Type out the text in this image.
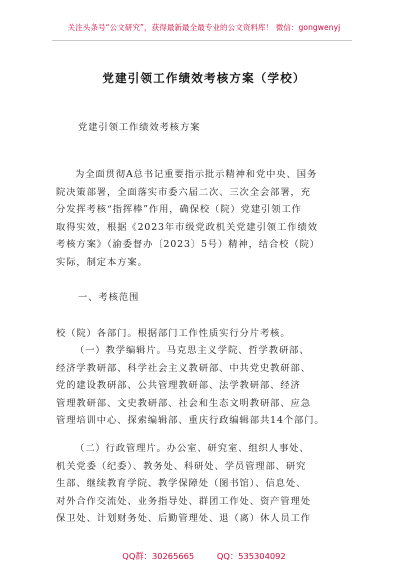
关注头条号“公文研究”，获得最新最全最专业的公文资料库！ 微信：gongwenyj
党建引领工作绩效考核方案（学校）
党建引领工作绩效考核方案
为全面贯彻A总书记重要指示批示精神和党中央、国务
院决策部署，全面落实市委六届二次、三次全会部署，充
分发挥考核“指挥棒”作用，确保校（院）党建引领工作
取得实效，根据《2023年市级党政机关党建引领工作绩效
考核方案》（渝委督办〔2023〕5号）精神，结合校（院）
实际，制定本方案。
一、考核范围
校（院）各部门。根据部门工作性质实行分片考核。
（一）教学编辑片。马克思主义学院、哲学教研部、
经济学教研部、科学社会主义教研部、中共党史教研部、
党的建设教研部、公共管理教研部、法学教研部、经济
管理教研部、文史教研部、社会和生态文明教研部、应急
管理培训中心、探索编辑部、重庆行政编辑部共14个部门。
（二）行政管理片。办公室、研究室、组织人事处、
机关党委（纪委）、教务处、科研处、学员管理部、研究
生部、继续教育学院、教学保障处（图书馆）、信息处、
对外合作交流处、业务指导处、群团工作处、资产管理处
保卫处、计划财务处、后勤管理处、退（离）休人员工作
QQ群：30265665	QQ：535304092
